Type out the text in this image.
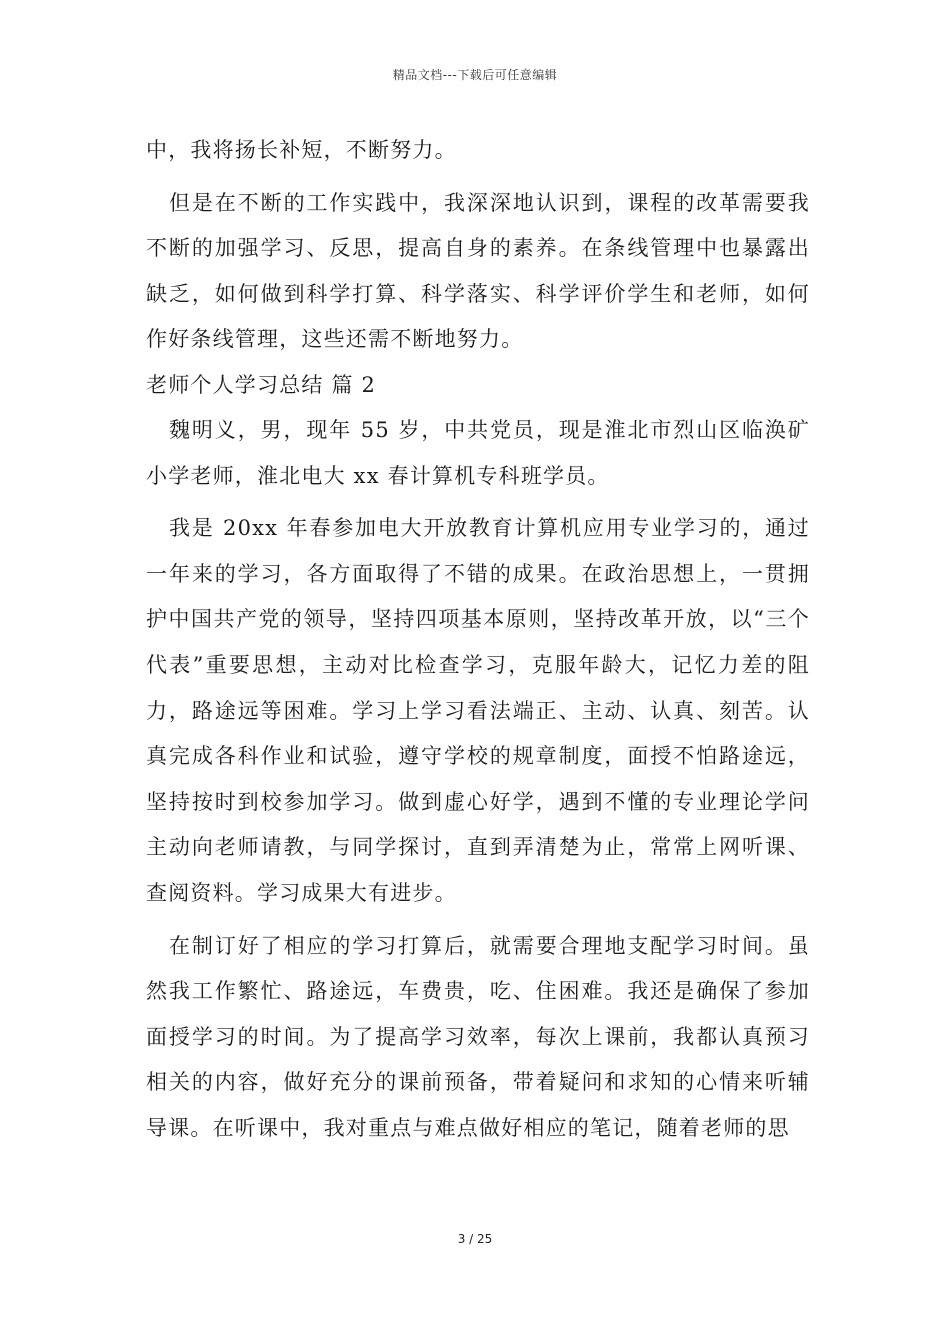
精品文档---下载后可任意编辑

中，我将扬长补短，不断努力。

但是在不断的工作实践中，我深深地认识到，课程的改革需要我不断的加强学习、反思，提高自身的素养。在条线管理中也暴露出缺乏，如何做到科学打算、科学落实、科学评价学生和老师，如何作好条线管理，这些还需不断地努力。

老师个人学习总结 篇 2

魏明义，男，现年 55 岁，中共党员，现是淮北市烈山区临涣矿小学老师，淮北电大 xx 春计算机专科班学员。

我是 20xx 年春参加电大开放教育计算机应用专业学习的，通过一年来的学习，各方面取得了不错的成果。在政治思想上，一贯拥护中国共产党的领导，坚持四项基本原则，坚持改革开放，以“三个代表”重要思想，主动对比检查学习，克服年龄大，记忆力差的阻力，路途远等困难。学习上学习看法端正、主动、认真、刻苦。认真完成各科作业和试验，遵守学校的规章制度，面授不怕路途远，坚持按时到校参加学习。做到虚心好学，遇到不懂的专业理论学问主动向老师请教，与同学探讨，直到弄清楚为止，常常上网听课、查阅资料。学习成果大有进步。

在制订好了相应的学习打算后，就需要合理地支配学习时间。虽然我工作繁忙、路途远，车费贵，吃、住困难。我还是确保了参加面授学习的时间。为了提高学习效率，每次上课前，我都认真预习相关的内容，做好充分的课前预备，带着疑问和求知的心情来听辅导课。在听课中，我对重点与难点做好相应的笔记，随着老师的思

3 / 25
